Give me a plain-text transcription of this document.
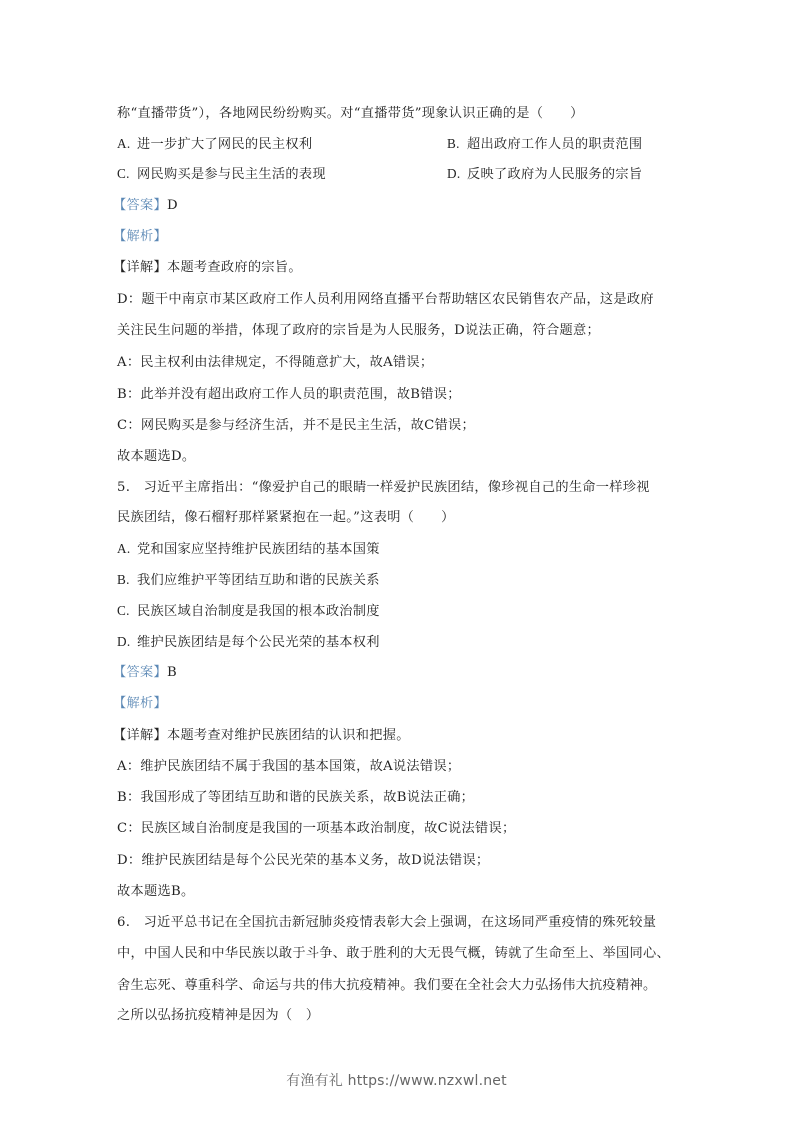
称“直播带货”），各地网民纷纷购买。对“直播带货”现象认识正确的是（　　）
A. 进一步扩大了网民的民主权利	B. 超出政府工作人员的职责范围
C. 网民购买是参与民主生活的表现	D. 反映了政府为人民服务的宗旨
【答案】D
【解析】
【详解】本题考查政府的宗旨。
D：题干中南京市某区政府工作人员利用网络直播平台帮助辖区农民销售农产品，这是政府
关注民生问题的举措，体现了政府的宗旨是为人民服务，D说法正确，符合题意；
A：民主权利由法律规定，不得随意扩大，故A错误；
B：此举并没有超出政府工作人员的职责范围，故B错误；
C：网民购买是参与经济生活，并不是民主生活，故C错误；
故本题选D。
5.　习近平主席指出：“像爱护自己的眼睛一样爱护民族团结，像珍视自己的生命一样珍视
民族团结，像石榴籽那样紧紧抱在一起。”这表明（　　）
A. 党和国家应坚持维护民族团结的基本国策
B. 我们应维护平等团结互助和谐的民族关系
C. 民族区域自治制度是我国的根本政治制度
D. 维护民族团结是每个公民光荣的基本权利
【答案】B
【解析】
【详解】本题考查对维护民族团结的认识和把握。
A：维护民族团结不属于我国的基本国策，故A说法错误；
B：我国形成了等团结互助和谐的民族关系，故B说法正确；
C：民族区域自治制度是我国的一项基本政治制度，故C说法错误；
D：维护民族团结是每个公民光荣的基本义务，故D说法错误；
故本题选B。
6.　习近平总书记在全国抗击新冠肺炎疫情表彰大会上强调，在这场同严重疫情的殊死较量
中，中国人民和中华民族以敢于斗争、敢于胜利的大无畏气概，铸就了生命至上、举国同心、
舍生忘死、尊重科学、命运与共的伟大抗疫精神。我们要在全社会大力弘扬伟大抗疫精神。
之所以弘扬抗疫精神是因为（　）
有渔有礼 https://www.nzxwl.net
